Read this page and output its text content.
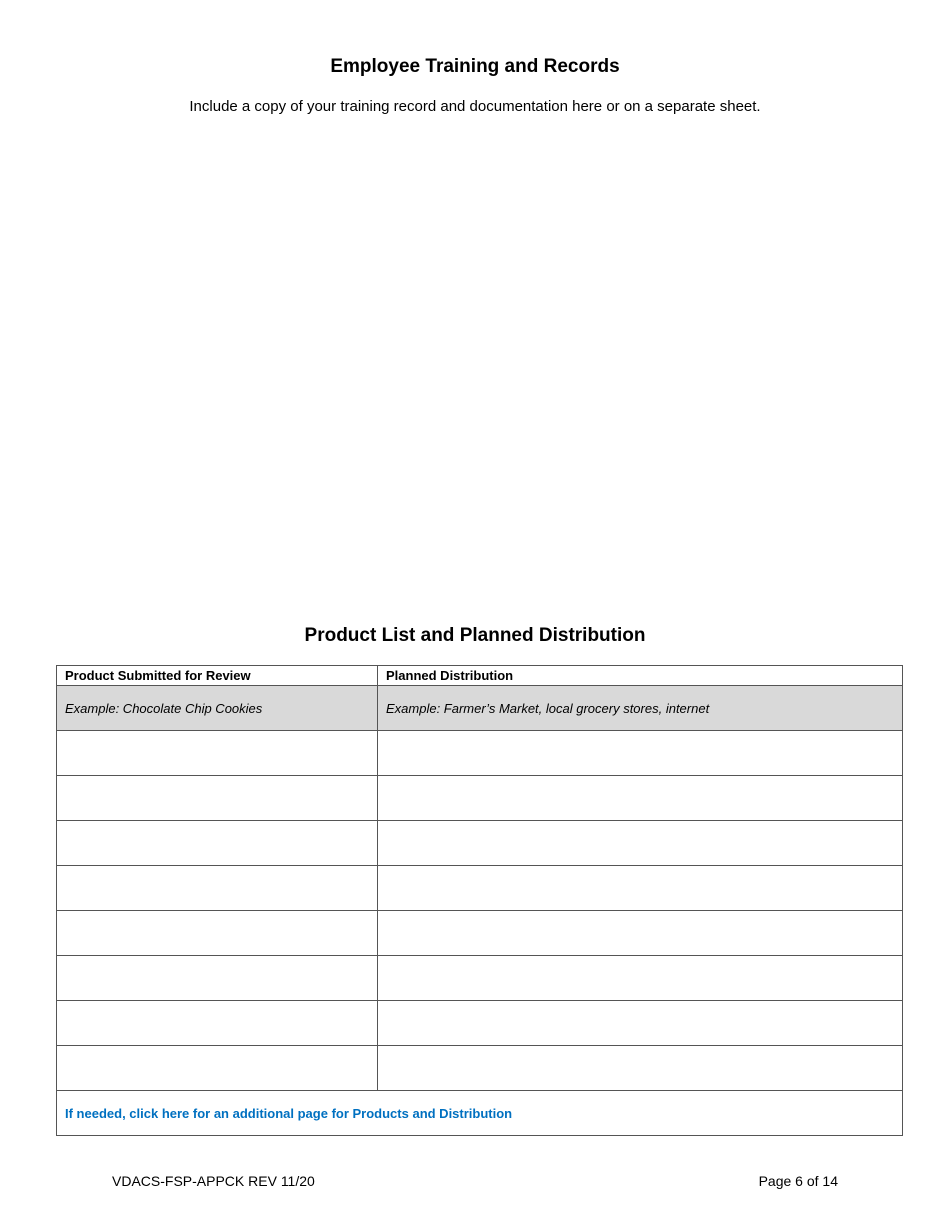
Employee Training and Records
Include a copy of your training record and documentation here or on a separate sheet.
Product List and Planned Distribution
Product Submitted for Review	Planned Distribution
Example: Chocolate Chip Cookies	Example: Farmer’s Market, local grocery stores, internet

If needed, click here for an additional page for Products and Distribution	
VDACS-FSP-APPCK REV 11/20	Page 6 of 14
